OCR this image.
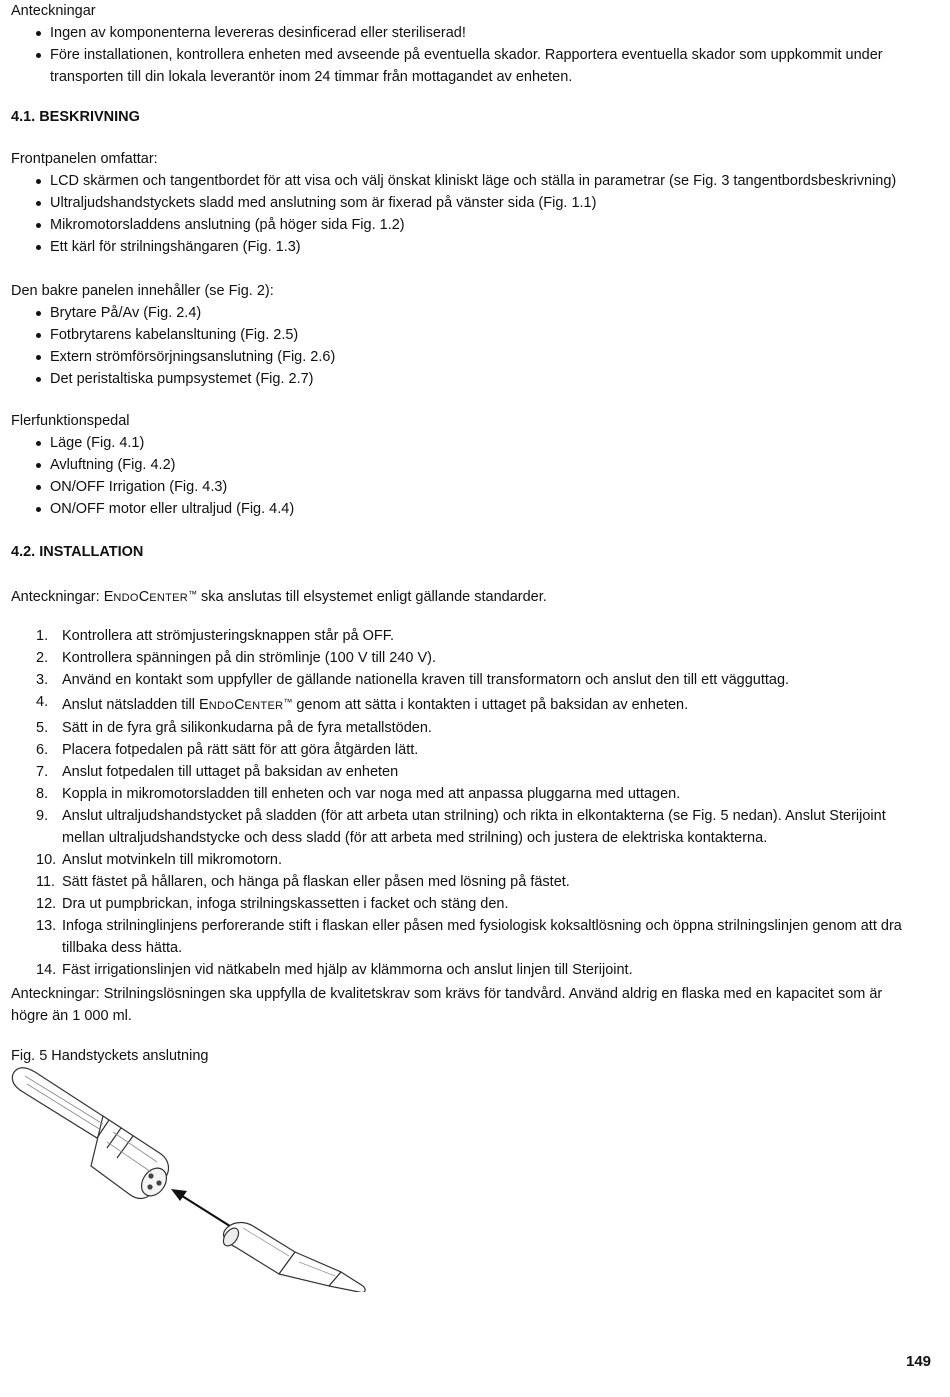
Anteckningar

Ingen av komponenterna levereras desinficerad eller steriliserad!
Före installationen, kontrollera enheten med avseende på eventuella skador. Rapportera eventuella skador som uppkommit under transporten till din lokala leverantör inom 24 timmar från mottagandet av enheten.
4.1. BESKRIVNING

Frontpanelen omfattar:

LCD skärmen och tangentbordet för att visa och välj önskat kliniskt läge och ställa in parametrar (se Fig. 3 tangentbordsbeskrivning)
Ultraljudshandstyckets sladd med anslutning som är fixerad på vänster sida (Fig. 1.1)
Mikromotorsladdens anslutning (på höger sida Fig. 1.2)
Ett kärl för strilningshängaren (Fig. 1.3)

Den bakre panelen innehåller (se Fig. 2):

Brytare På/Av (Fig. 2.4)
Fotbrytarens kabelansltuning (Fig. 2.5)
Extern strömförsörjningsanslutning (Fig. 2.6)
Det peristaltiska pumpsystemet (Fig. 2.7)

Flerfunktionspedal

Läge (Fig. 4.1)
Avluftning (Fig. 4.2)
ON/OFF Irrigation (Fig. 4.3)
ON/OFF motor eller ultraljud (Fig. 4.4)
4.2. INSTALLATION

Anteckningar: ENDOCENTER™ ska anslutas till elsystemet enligt gällande standarder.

1. Kontrollera att strömjusteringsknappen står på OFF.
2. Kontrollera spänningen på din strömlinje (100 V till 240 V).
3. Använd en kontakt som uppfyller de gällande nationella kraven till transformatorn och anslut den till ett vägguttag.
4. Anslut nätsladden till ENDOCENTER™ genom att sätta i kontakten i uttaget på baksidan av enheten.
5. Sätt in de fyra grå silikonkudarna på de fyra metallstöden.
6. Placera fotpedalen på rätt sätt för att göra åtgärden lätt.
7. Anslut fotpedalen till uttaget på baksidan av enheten
8. Koppla in mikromotorsladden till enheten och var noga med att anpassa pluggarna med uttagen.
9. Anslut ultraljudshandstycket på sladden (för att arbeta utan strilning) och rikta in elkontakterna (se Fig. 5 nedan). Anslut Sterijoint mellan ultraljudshandstycke och dess sladd (för att arbeta med strilning) och justera de elektriska kontakterna.
10. Anslut motvinkeln till mikromotorn.
11. Sätt fästet på hållaren, och hänga på flaskan eller påsen med lösning på fästet.
12. Dra ut pumpbrickan, infoga strilningskassetten i facket och stäng den.
13. Infoga strilninglinjens perforerande stift i flaskan eller påsen med fysiologisk koksaltlösning och öppna strilningslinjen genom att dra tillbaka dess hätta.
14. Fäst irrigationslinjen vid nätkabeln med hjälp av klämmorna och anslut linjen till Sterijoint.

Anteckningar: Strilningslösningen ska uppfylla de kvalitetskrav som krävs för tandvård. Använd aldrig en flaska med en kapacitet som är högre än 1 000 ml.

Fig. 5 Handstyckets anslutning

149
